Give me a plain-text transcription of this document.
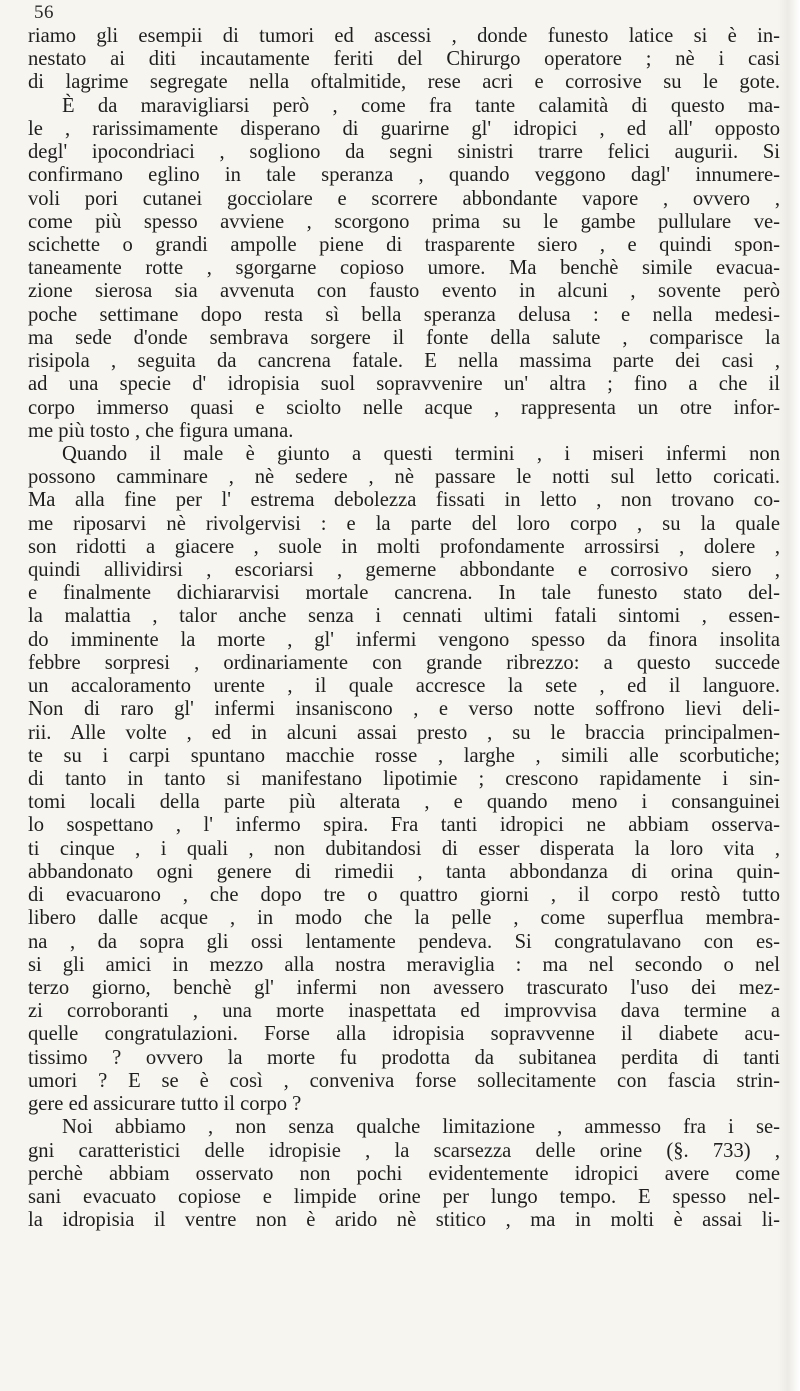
56
riamo gli esempii di tumori ed ascessi , donde funesto latice si è in-
nestato ai diti incautamente feriti del Chirurgo operatore ; nè i casi
di lagrime segregate nella oftalmitide, rese acri e corrosive su le gote.
È da maravigliarsi però , come fra tante calamità di questo ma-
le , rarissimamente disperano di guarirne gl' idropici , ed all' opposto
degl' ipocondriaci , sogliono da segni sinistri trarre felici augurii. Si
confirmano eglino in tale speranza , quando veggono dagl' innumere-
voli pori cutanei gocciolare e scorrere abbondante vapore , ovvero ,
come più spesso avviene , scorgono prima su le gambe pullulare ve-
scichette o grandi ampolle piene di trasparente siero , e quindi spon-
taneamente rotte , sgorgarne copioso umore. Ma benchè simile evacua-
zione sierosa sia avvenuta con fausto evento in alcuni , sovente però
poche settimane dopo resta sì bella speranza delusa : e nella medesi-
ma sede d'onde sembrava sorgere il fonte della salute , comparisce la
risipola , seguita da cancrena fatale. E nella massima parte dei casi ,
ad una specie d' idropisia suol sopravvenire un' altra ; fino a che il
corpo immerso quasi e sciolto nelle acque , rappresenta un otre infor-
me più tosto , che figura umana.
Quando il male è giunto a questi termini , i miseri infermi non
possono camminare , nè sedere , nè passare le notti sul letto coricati.
Ma alla fine per l' estrema debolezza fissati in letto , non trovano co-
me riposarvi nè rivolgervisi : e la parte del loro corpo , su la quale
son ridotti a giacere , suole in molti profondamente arrossirsi , dolere ,
quindi allividirsi , escoriarsi , gemerne abbondante e corrosivo siero ,
e finalmente dichiararvisi mortale cancrena. In tale funesto stato del-
la malattia , talor anche senza i cennati ultimi fatali sintomi , essen-
do imminente la morte , gl' infermi vengono spesso da finora insolita
febbre sorpresi , ordinariamente con grande ribrezzo: a questo succede
un accaloramento urente , il quale accresce la sete , ed il languore.
Non di raro gl' infermi insaniscono , e verso notte soffrono lievi deli-
rii. Alle volte , ed in alcuni assai presto , su le braccia principalmen-
te su i carpi spuntano macchie rosse , larghe , simili alle scorbutiche;
di tanto in tanto si manifestano lipotimie ; crescono rapidamente i sin-
tomi locali della parte più alterata , e quando meno i consanguinei
lo sospettano , l' infermo spira. Fra tanti idropici ne abbiam osserva-
ti cinque , i quali , non dubitandosi di esser disperata la loro vita ,
abbandonato ogni genere di rimedii , tanta abbondanza di orina quin-
di evacuarono , che dopo tre o quattro giorni , il corpo restò tutto
libero dalle acque , in modo che la pelle , come superflua membra-
na , da sopra gli ossi lentamente pendeva. Si congratulavano con es-
si gli amici in mezzo alla nostra meraviglia : ma nel secondo o nel
terzo giorno, benchè gl' infermi non avessero trascurato l'uso dei mez-
zi corroboranti , una morte inaspettata ed improvvisa dava termine a
quelle congratulazioni. Forse alla idropisia sopravvenne il diabete acu-
tissimo ? ovvero la morte fu prodotta da subitanea perdita di tanti
umori ? E se è così , conveniva forse sollecitamente con fascia strin-
gere ed assicurare tutto il corpo ?
Noi abbiamo , non senza qualche limitazione , ammesso fra i se-
gni caratteristici delle idropisie , la scarsezza delle orine (§. 733) ,
perchè abbiam osservato non pochi evidentemente idropici avere come
sani evacuato copiose e limpide orine per lungo tempo. E spesso nel-
la idropisia il ventre non è arido nè stitico , ma in molti è assai li-
